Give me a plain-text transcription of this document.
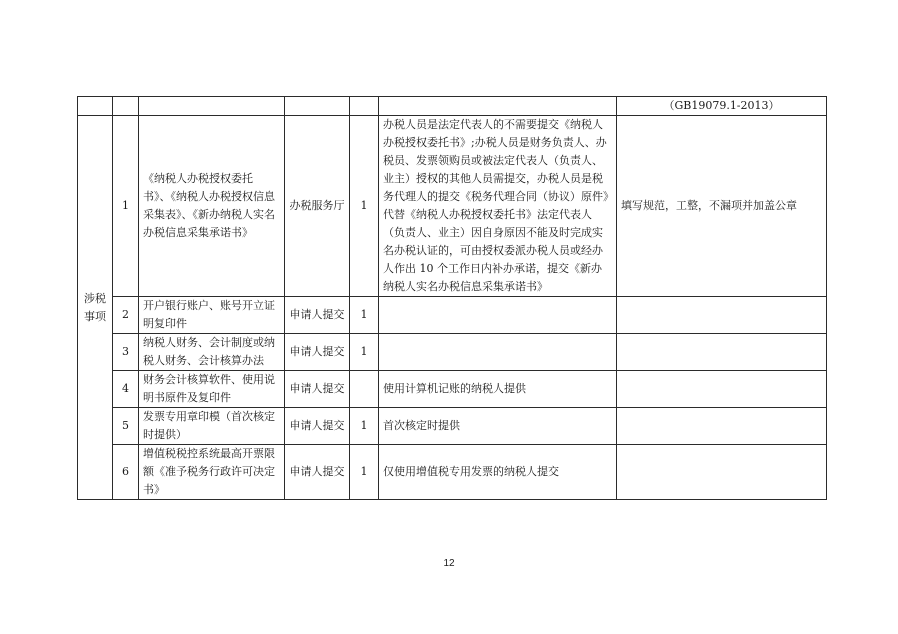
						（GB19079.1-2013）
涉税事项	1	《纳税人办税授权委托书》、《纳税人办税授权信息采集表》、《新办纳税人实名办税信息采集承诺书》	办税服务厅	1	办税人员是法定代表人的不需要提交《纳税人办税授权委托书》;办税人员是财务负责人、办税员、发票领购员或被法定代表人（负责人、业主）授权的其他人员需提交，办税人员是税务代理人的提交《税务代理合同（协议）原件》代替《纳税人办税授权委托书》法定代表人（负责人、业主）因自身原因不能及时完成实名办税认证的，可由授权委派办税人员或经办人作出 10 个工作日内补办承诺，提交《新办纳税人实名办税信息采集承诺书》	填写规范，工整，不漏项并加盖公章
	2	开户银行账户、账号开立证明复印件	申请人提交	1		
	3	纳税人财务、会计制度或纳税人财务、会计核算办法	申请人提交	1		
	4	财务会计核算软件、使用说明书原件及复印件	申请人提交		使用计算机记账的纳税人提供	
	5	发票专用章印模（首次核定时提供）	申请人提交	1	首次核定时提供	
	6	增值税税控系统最高开票限额《准予税务行政许可决定书》	申请人提交	1	仅使用增值税专用发票的纳税人提交	
12
